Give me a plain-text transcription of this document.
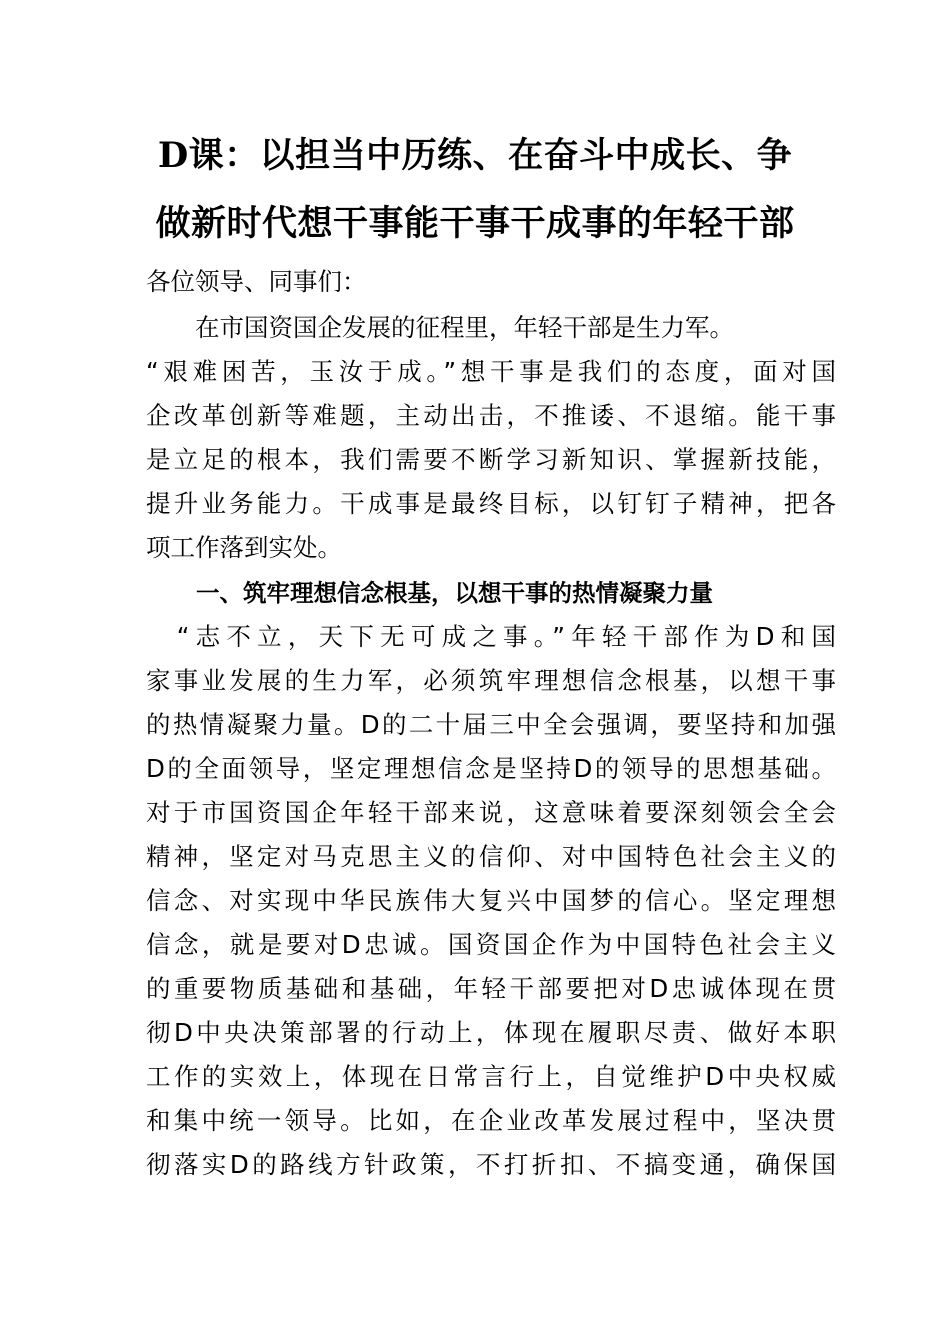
D课：以担当中历练、在奋斗中成长、争
做新时代想干事能干事干成事的年轻干部
各位领导、同事们：
　　在市国资国企发展的征程里，年轻干部是生力军。
“艰难困苦，玉汝于成。”想干事是我们的态度，面对国
企改革创新等难题，主动出击，不推诿、不退缩。能干事
是立足的根本，我们需要不断学习新知识、掌握新技能，
提升业务能力。干成事是最终目标，以钉钉子精神，把各
项工作落到实处。
一、筑牢理想信念根基，以想干事的热情凝聚力量
　“志不立，天下无可成之事。”年轻干部作为D和国
家事业发展的生力军，必须筑牢理想信念根基，以想干事
的热情凝聚力量。D的二十届三中全会强调，要坚持和加强
D的全面领导，坚定理想信念是坚持D的领导的思想基础。
对于市国资国企年轻干部来说，这意味着要深刻领会全会
精神，坚定对马克思主义的信仰、对中国特色社会主义的
信念、对实现中华民族伟大复兴中国梦的信心。坚定理想
信念，就是要对D忠诚。国资国企作为中国特色社会主义
的重要物质基础和基础，年轻干部要把对D忠诚体现在贯
彻D中央决策部署的行动上，体现在履职尽责、做好本职
工作的实效上，体现在日常言行上，自觉维护D中央权威
和集中统一领导。比如，在企业改革发展过程中，坚决贯
彻落实D的路线方针政策，不打折扣、不搞变通，确保国
